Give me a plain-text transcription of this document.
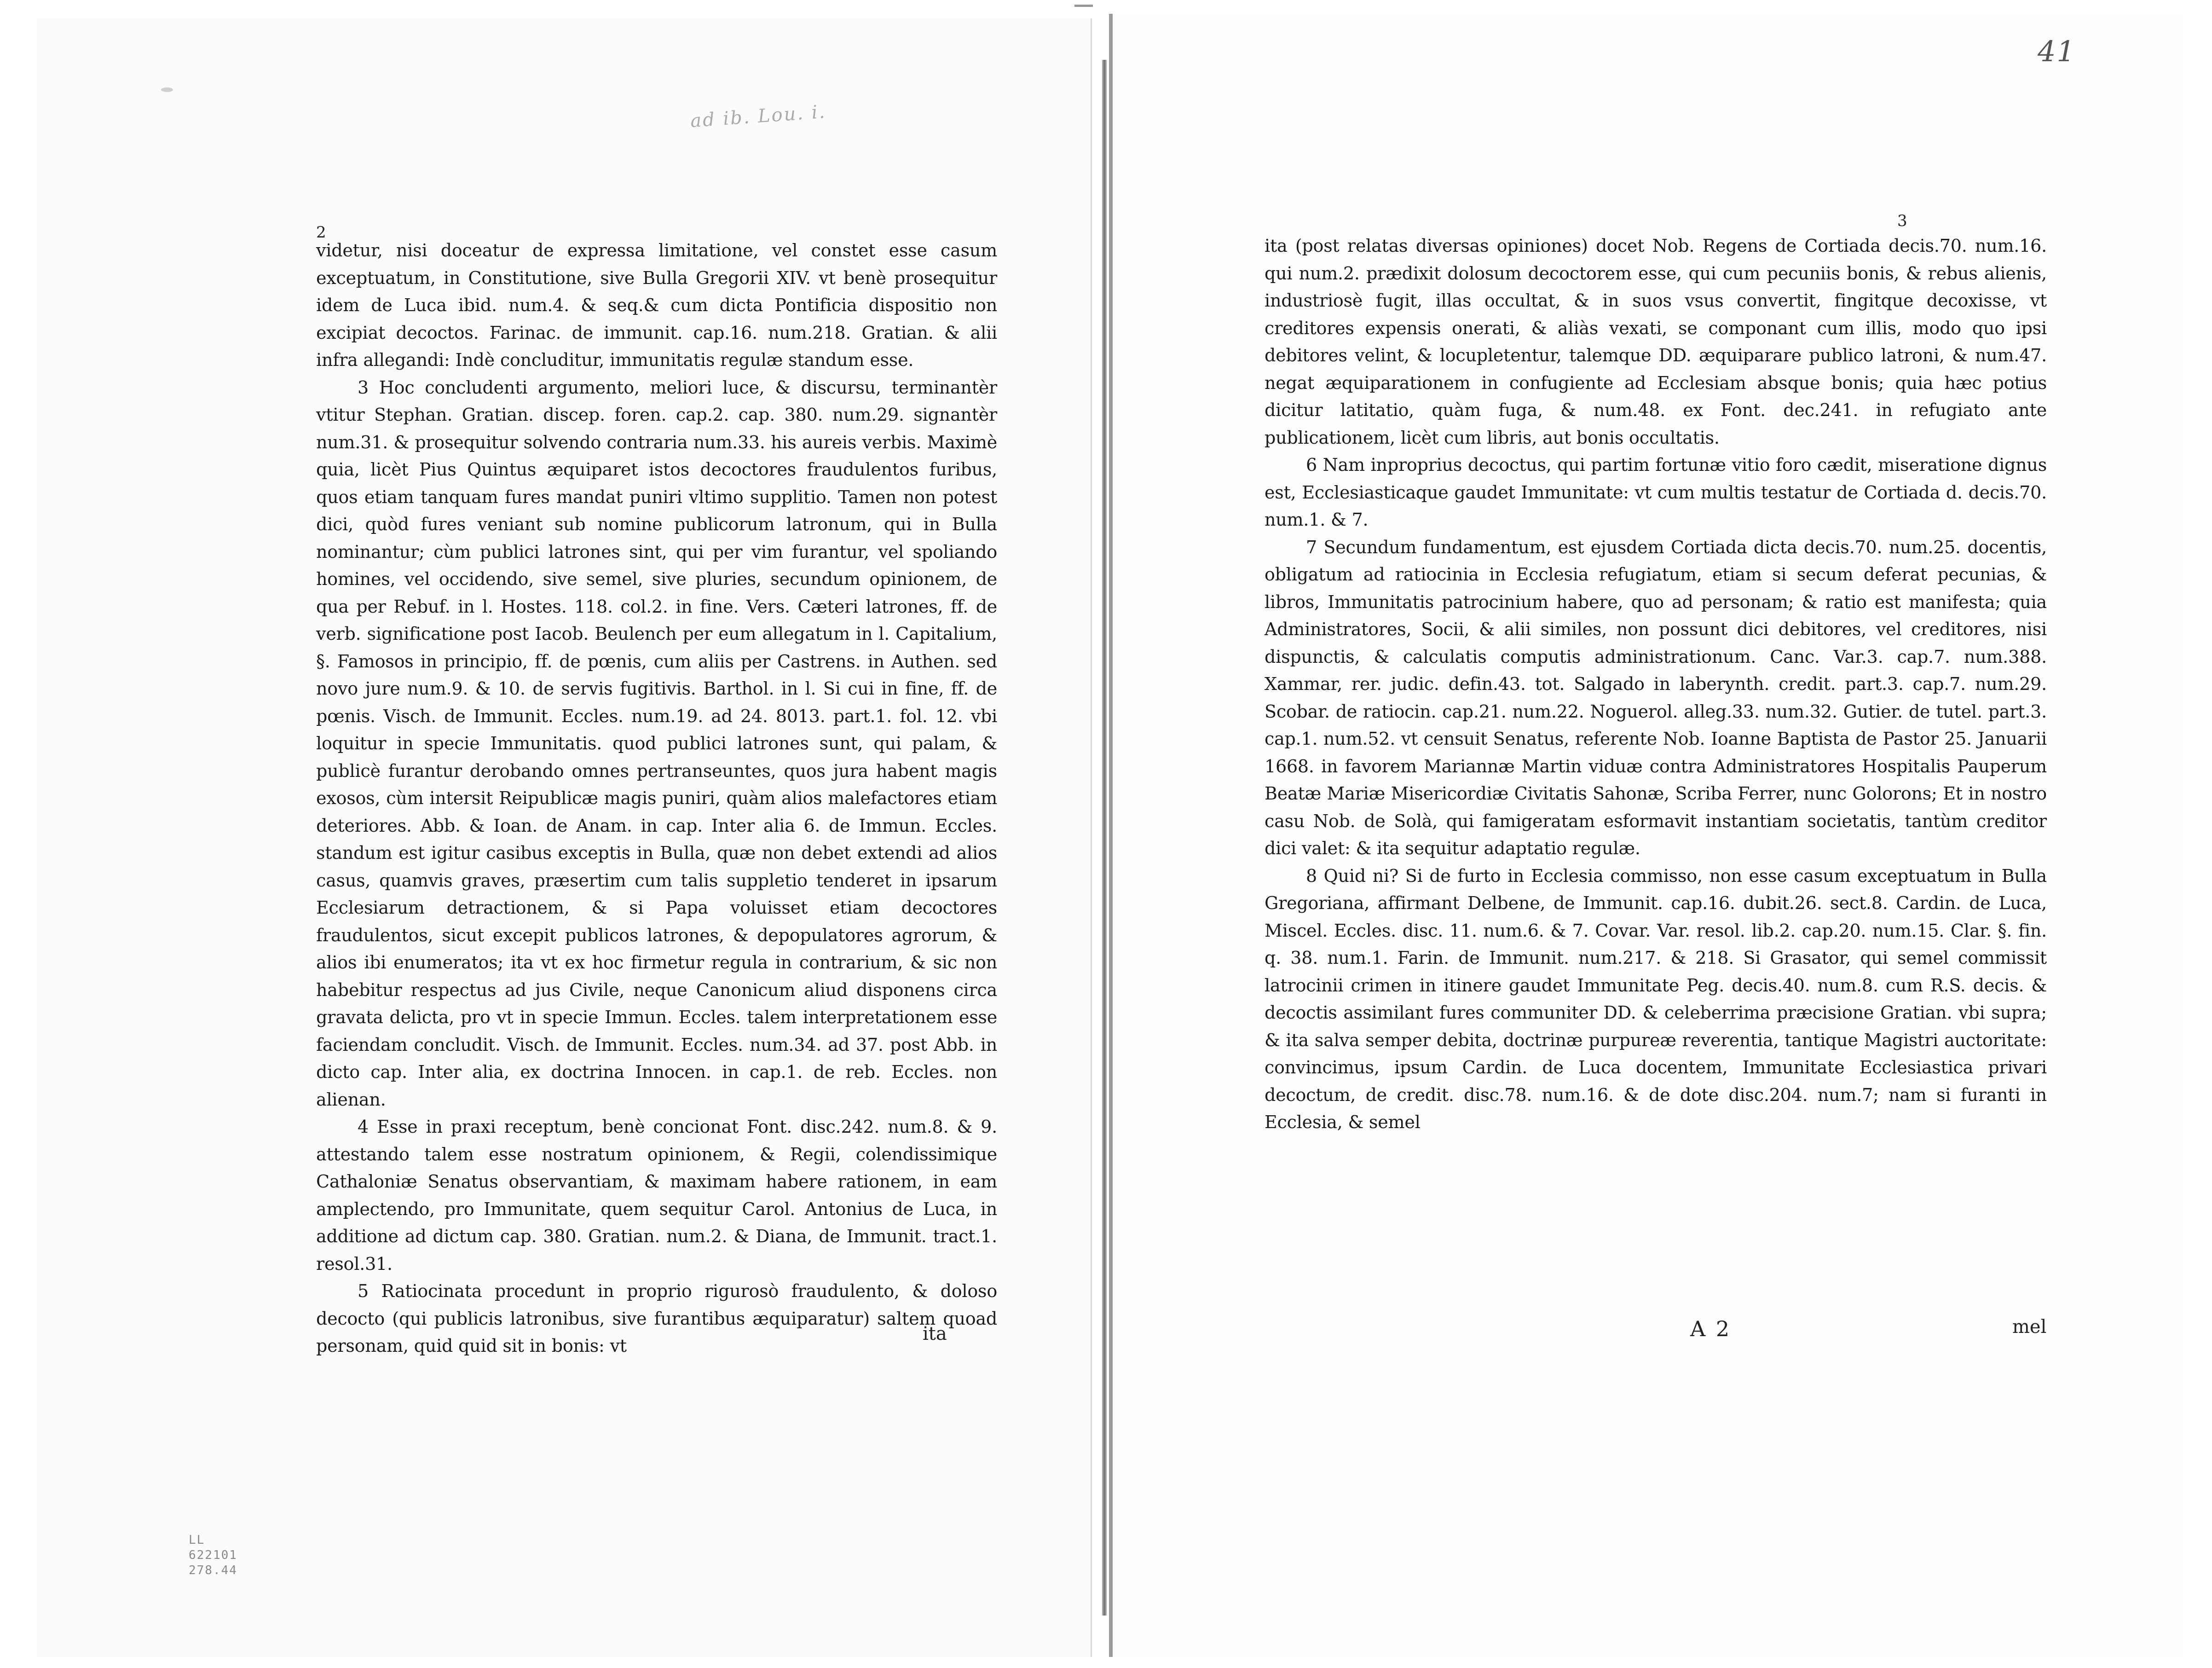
ad ib. Lou. i.
2

videtur, nisi doceatur de expressa limitatione, vel constet esse casum exceptuatum, in Constitutione, sive Bulla Gregorii XIV. vt benè prosequitur idem de Luca ibid. num.4. & seq.& cum dicta Pontificia dispositio non excipiat decoctos. Farinac. de immunit. cap.16. num.218. Gratian. & alii infra allegandi: Indè concluditur, immunitatis regulæ standum esse.

3 Hoc concludenti argumento, meliori luce, & discursu, terminantèr vtitur Stephan. Gratian. discep. foren. cap.2. cap. 380. num.29. signantèr num.31. & prosequitur solvendo contraria num.33. his aureis verbis. Maximè quia, licèt Pius Quintus æquiparet istos decoctores fraudulentos furibus, quos etiam tanquam fures mandat puniri vltimo supplitio. Tamen non potest dici, quòd fures veniant sub nomine publicorum latronum, qui in Bulla nominantur; cùm publici latrones sint, qui per vim furantur, vel spoliando homines, vel occidendo, sive semel, sive pluries, secundum opinionem, de qua per Rebuf. in l. Hostes. 118. col.2. in fine. Vers. Cæteri latrones, ff. de verb. significatione post Iacob. Beulench per eum allegatum in l. Capitalium, §. Famosos in principio, ff. de pœnis, cum aliis per Castrens. in Authen. sed novo jure num.9. & 10. de servis fugitivis. Barthol. in l. Si cui in fine, ff. de pœnis. Visch. de Immunit. Eccles. num.19. ad 24. 8013. part.1. fol. 12. vbi loquitur in specie Immunitatis. quod publici latrones sunt, qui palam, & publicè furantur derobando omnes pertranseuntes, quos jura habent magis exosos, cùm intersit Reipublicæ magis puniri, quàm alios malefactores etiam deteriores. Abb. & Ioan. de Anam. in cap. Inter alia 6. de Immun. Eccles. standum est igitur casibus exceptis in Bulla, quæ non debet extendi ad alios casus, quamvis graves, præsertim cum talis suppletio tenderet in ipsarum Ecclesiarum detractionem, & si Papa voluisset etiam decoctores fraudulentos, sicut excepit publicos latrones, & depopulatores agrorum, & alios ibi enumeratos; ita vt ex hoc firmetur regula in contrarium, & sic non habebitur respectus ad jus Civile, neque Canonicum aliud disponens circa gravata delicta, pro vt in specie Immun. Eccles. talem interpretationem esse faciendam concludit. Visch. de Immunit. Eccles. num.34. ad 37. post Abb. in dicto cap. Inter alia, ex doctrina Innocen. in cap.1. de reb. Eccles. non alienan.

4 Esse in praxi receptum, benè concionat Font. disc.242. num.8. & 9. attestando talem esse nostratum opinionem, & Regii, colendissimique Cathaloniæ Senatus observantiam, & maximam habere rationem, in eam amplectendo, pro Immunitate, quem sequitur Carol. Antonius de Luca, in additione ad dictum cap. 380. Gratian. num.2. & Diana, de Immunit. tract.1. resol.31.

5 Ratiocinata procedunt in proprio rigurosò fraudulento, & doloso decocto (qui publicis latronibus, sive furantibus æquiparatur) saltem quoad personam, quid quid sit in bonis: vt

ita
LL
622101
278.44
41
3

ita (post relatas diversas opiniones) docet Nob. Regens de Cortiada decis.70. num.16. qui num.2. prædixit dolosum decoctorem esse, qui cum pecuniis bonis, & rebus alienis, industriosè fugit, illas occultat, & in suos vsus convertit, fingitque decoxisse, vt creditores expensis onerati, & aliàs vexati, se componant cum illis, modo quo ipsi debitores velint, & locupletentur, talemque DD. æquiparare publico latroni, & num.47. negat æquiparationem in confugiente ad Ecclesiam absque bonis; quia hæc potius dicitur latitatio, quàm fuga, & num.48. ex Font. dec.241. in refugiato ante publicationem, licèt cum libris, aut bonis occultatis.

6 Nam inproprius decoctus, qui partim fortunæ vitio foro cædit, miseratione dignus est, Ecclesiasticaque gaudet Immunitate: vt cum multis testatur de Cortiada d. decis.70. num.1. & 7.

7 Secundum fundamentum, est ejusdem Cortiada dicta decis.70. num.25. docentis, obligatum ad ratiocinia in Ecclesia refugiatum, etiam si secum deferat pecunias, & libros, Immunitatis patrocinium habere, quo ad personam; & ratio est manifesta; quia Administratores, Socii, & alii similes, non possunt dici debitores, vel creditores, nisi dispunctis, & calculatis computis administrationum. Canc. Var.3. cap.7. num.388. Xammar, rer. judic. defin.43. tot. Salgado in laberynth. credit. part.3. cap.7. num.29. Scobar. de ratiocin. cap.21. num.22. Noguerol. alleg.33. num.32. Gutier. de tutel. part.3. cap.1. num.52. vt censuit Senatus, referente Nob. Ioanne Baptista de Pastor 25. Januarii 1668. in favorem Mariannæ Martin viduæ contra Administratores Hospitalis Pauperum Beatæ Mariæ Misericordiæ Civitatis Sahonæ, Scriba Ferrer, nunc Golorons; Et in nostro casu Nob. de Solà, qui famigeratam esformavit instantiam societatis, tantùm creditor dici valet: & ita sequitur adaptatio regulæ.

8 Quid ni? Si de furto in Ecclesia commisso, non esse casum exceptuatum in Bulla Gregoriana, affirmant Delbene, de Immunit. cap.16. dubit.26. sect.8. Cardin. de Luca, Miscel. Eccles. disc. 11. num.6. & 7. Covar. Var. resol. lib.2. cap.20. num.15. Clar. §. fin. q. 38. num.1. Farin. de Immunit. num.217. & 218. Si Grasator, qui semel commissit latrocinii crimen in itinere gaudet Immunitate Peg. decis.40. num.8. cum R.S. decis. & decoctis assimilant fures communiter DD. & celeberrima præcisione Gratian. vbi supra; & ita salva semper debita, doctrinæ purpureæ reverentia, tantique Magistri auctoritate: convincimus, ipsum Cardin. de Luca docentem, Immunitate Ecclesiastica privari decoctum, de credit. disc.78. num.16. & de dote disc.204. num.7; nam si furanti in Ecclesia, & semel

A 2	mel
